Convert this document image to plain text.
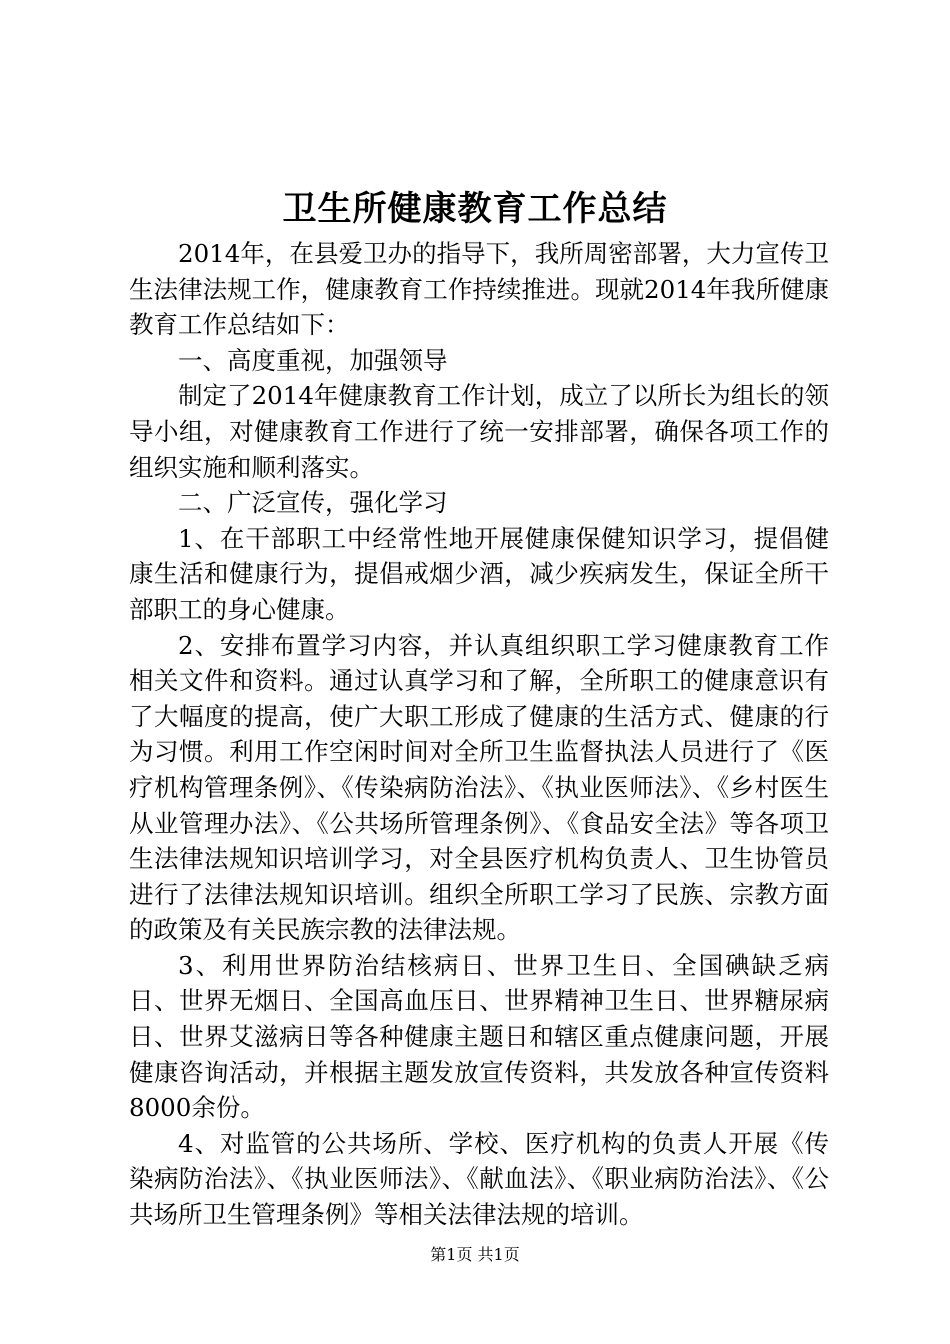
卫生所健康教育工作总结

2014年，在县爱卫办的指导下，我所周密部署，大力宣传卫生法律法规工作，健康教育工作持续推进。现就2014年我所健康教育工作总结如下：

一、高度重视，加强领导

制定了2014年健康教育工作计划，成立了以所长为组长的领导小组，对健康教育工作进行了统一安排部署，确保各项工作的组织实施和顺利落实。

二、广泛宣传，强化学习

1、在干部职工中经常性地开展健康保健知识学习，提倡健康生活和健康行为，提倡戒烟少酒，减少疾病发生，保证全所干部职工的身心健康。

2、安排布置学习内容，并认真组织职工学习健康教育工作相关文件和资料。通过认真学习和了解，全所职工的健康意识有了大幅度的提高，使广大职工形成了健康的生活方式、健康的行为习惯。利用工作空闲时间对全所卫生监督执法人员进行了《医疗机构管理条例》、《传染病防治法》、《执业医师法》、《乡村医生从业管理办法》、《公共场所管理条例》、《食品安全法》等各项卫生法律法规知识培训学习，对全县医疗机构负责人、卫生协管员进行了法律法规知识培训。组织全所职工学习了民族、宗教方面的政策及有关民族宗教的法律法规。

3、利用世界防治结核病日、世界卫生日、全国碘缺乏病日、世界无烟日、全国高血压日、世界精神卫生日、世界糖尿病日、世界艾滋病日等各种健康主题日和辖区重点健康问题，开展健康咨询活动，并根据主题发放宣传资料，共发放各种宣传资料8000余份。

4、对监管的公共场所、学校、医疗机构的负责人开展《传染病防治法》、《执业医师法》、《献血法》、《职业病防治法》、《公共场所卫生管理条例》等相关法律法规的培训。

第1页 共1页
